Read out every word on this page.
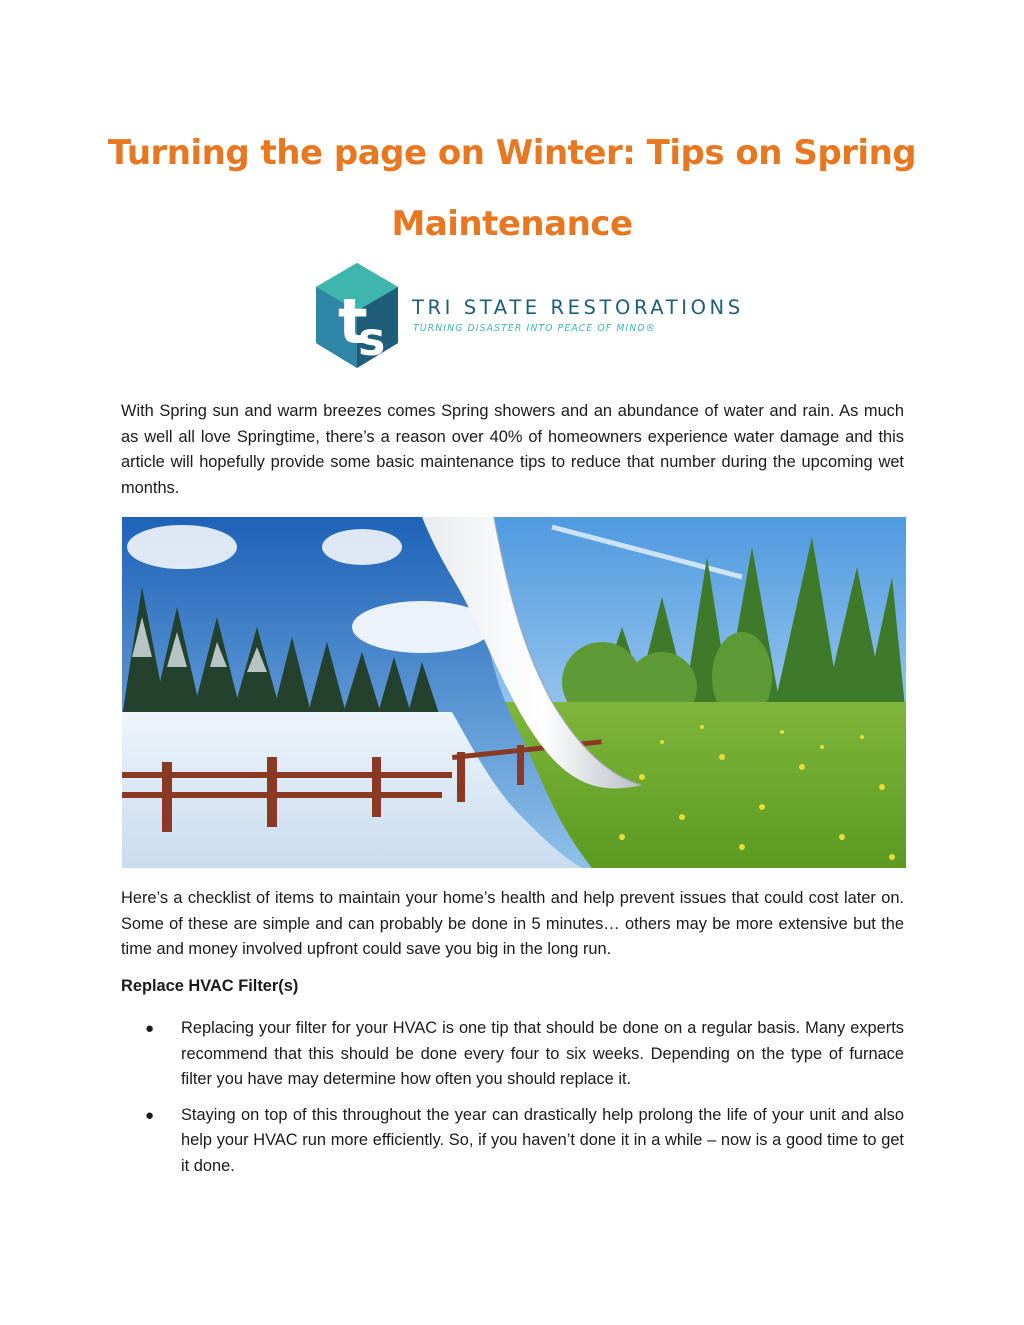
Turning the page on Winter: Tips on Spring Maintenance
t
s
TRI STATE RESTORATIONS
TURNING DISASTER INTO PEACE OF MIND®

With Spring sun and warm breezes comes Spring showers and an abundance of water and rain. As much as well all love Springtime, there’s a reason over 40% of homeowners experience water damage and this article will hopefully provide some basic maintenance tips to reduce that number during the upcoming wet months.

Here’s a checklist of items to maintain your home’s health and help prevent issues that could cost later on. Some of these are simple and can probably be done in 5 minutes… others may be more extensive but the time and money involved upfront could save you big in the long run.

Replace HVAC Filter(s)
● Replacing your filter for your HVAC is one tip that should be done on a regular basis. Many experts recommend that this should be done every four to six weeks. Depending on the type of furnace filter you have may determine how often you should replace it.
● Staying on top of this throughout the year can drastically help prolong the life of your unit and also help your HVAC run more efficiently. So, if you haven’t done it in a while – now is a good time to get it done.
